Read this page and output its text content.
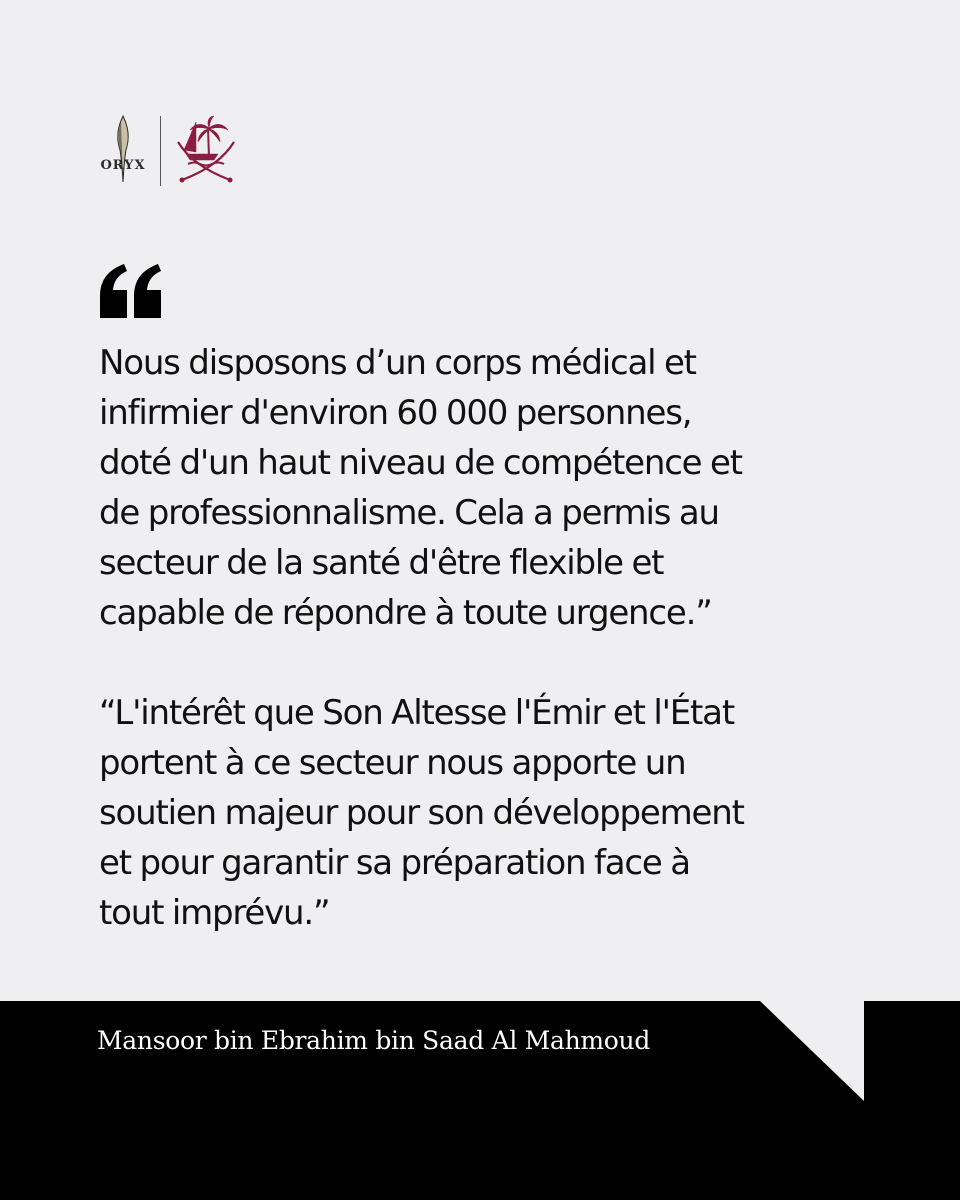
ORYX

Nous disposons d’un corps médical et
infirmier d'environ 60 000 personnes,
doté d'un haut niveau de compétence et
de professionnalisme. Cela a permis au
secteur de la santé d'être flexible et
capable de répondre à toute urgence.”

“L'intérêt que Son Altesse l'Émir et l'État
portent à ce secteur nous apporte un
soutien majeur pour son développement
et pour garantir sa préparation face à
tout imprévu.”

Mansoor bin Ebrahim bin Saad Al Mahmoud
